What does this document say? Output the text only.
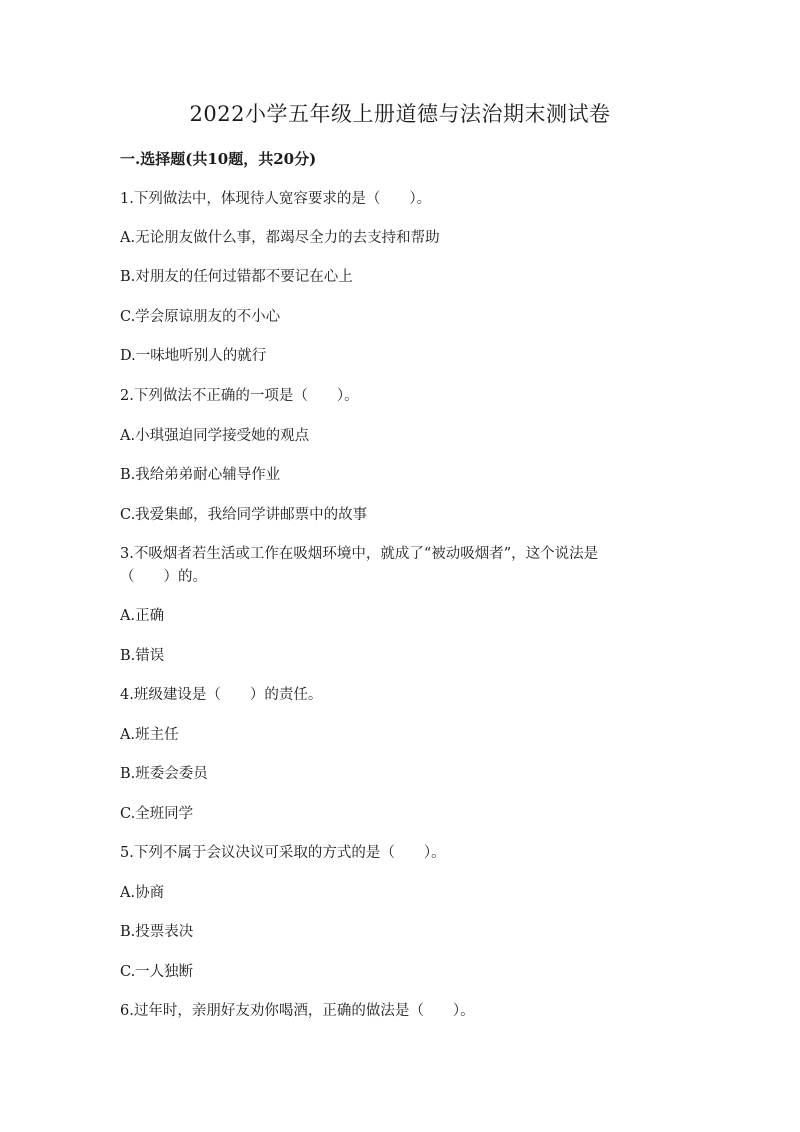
2022小学五年级上册道德与法治期末测试卷
一.选择题(共10题，共20分)
1.下列做法中，体现待人宽容要求的是（　　）。
A.无论朋友做什么事，都竭尽全力的去支持和帮助
B.对朋友的任何过错都不要记在心上
C.学会原谅朋友的不小心
D.一味地听别人的就行
2.下列做法不正确的一项是（　　）。
A.小琪强迫同学接受她的观点
B.我给弟弟耐心辅导作业
C.我爱集邮，我给同学讲邮票中的故事
3.不吸烟者若生活或工作在吸烟环境中，就成了“被动吸烟者”，这个说法是
（　　）的。
A.正确
B.错误
4.班级建设是（　　）的责任。
A.班主任
B.班委会委员
C.全班同学
5.下列不属于会议决议可采取的方式的是（　　）。
A.协商
B.投票表决
C.一人独断
6.过年时，亲朋好友劝你喝酒，正确的做法是（　　）。
